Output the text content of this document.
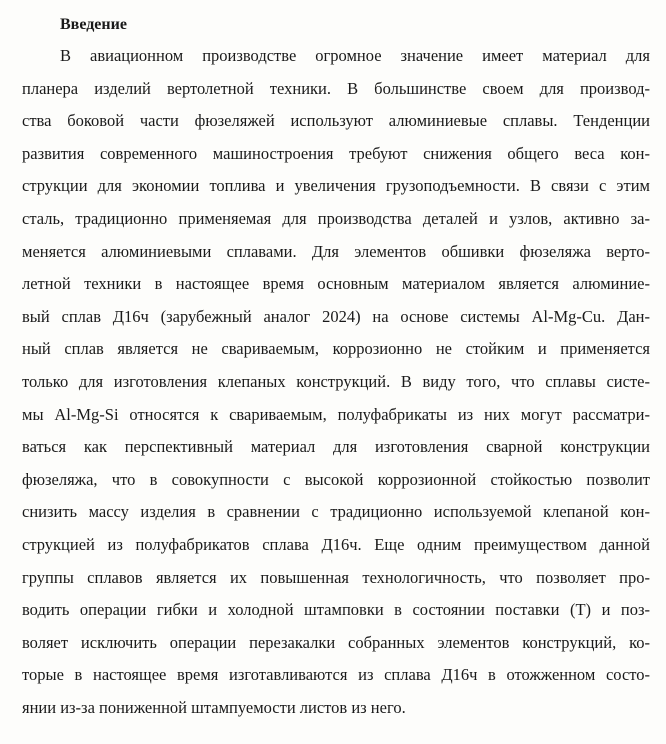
Введение
В авиационном производстве огромное значение имеет материал для
планера изделий вертолетной техники. В большинстве своем для производ-
ства боковой части фюзеляжей используют алюминиевые сплавы. Тенденции
развития современного машиностроения требуют снижения общего веса кон-
струкции для экономии топлива и увеличения грузоподъемности. В связи с этим
сталь, традиционно применяемая для производства деталей и узлов, активно за-
меняется алюминиевыми сплавами. Для элементов обшивки фюзеляжа верто-
летной техники в настоящее время основным материалом является алюминие-
вый сплав Д16ч (зарубежный аналог 2024) на основе системы Al-Mg-Cu. Дан-
ный сплав является не свариваемым, коррозионно не стойким и применяется
только для изготовления клепаных конструкций. В виду того, что сплавы систе-
мы Al-Mg-Si относятся к свариваемым, полуфабрикаты из них могут рассматри-
ваться как перспективный материал для изготовления сварной конструкции
фюзеляжа, что в совокупности с высокой коррозионной стойкостью позволит
снизить массу изделия в сравнении с традиционно используемой клепаной кон-
струкцией из полуфабрикатов сплава Д16ч. Еще одним преимуществом данной
группы сплавов является их повышенная технологичность, что позволяет про-
водить операции гибки и холодной штамповки в состоянии поставки (Т) и поз-
воляет исключить операции перезакалки собранных элементов конструкций, ко-
торые в настоящее время изготавливаются из сплава Д16ч в отожженном состо-
янии из-за пониженной штампуемости листов из него.
